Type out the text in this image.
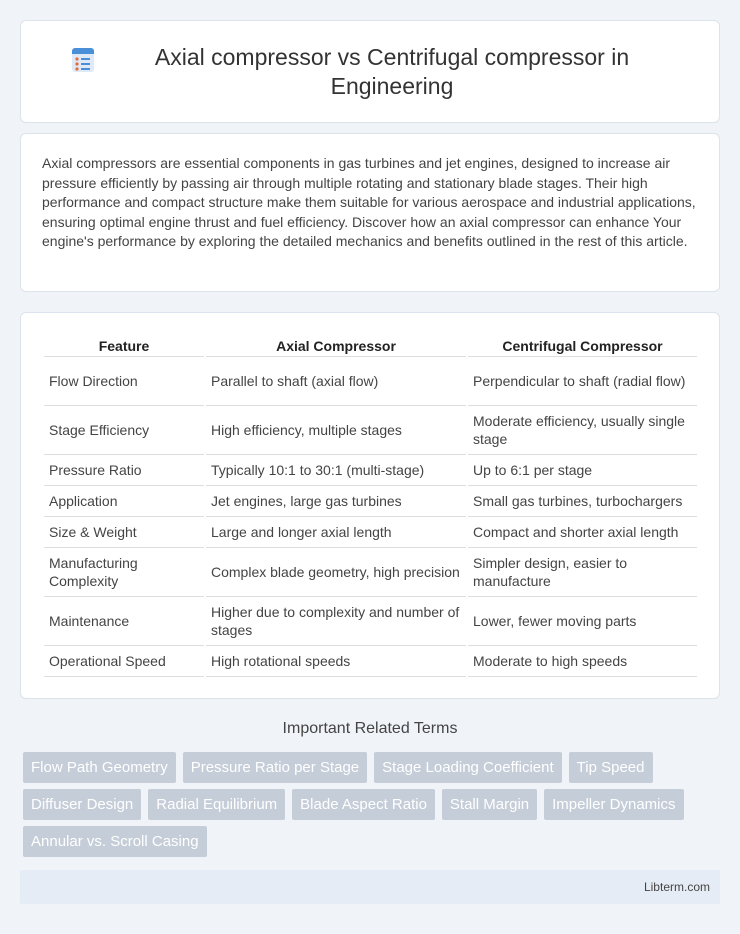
Axial compressor vs Centrifugal compressor in Engineering

Axial compressors are essential components in gas turbines and jet engines, designed to increase air pressure efficiently by passing air through multiple rotating and stationary blade stages. Their high performance and compact structure make them suitable for various aerospace and industrial applications, ensuring optimal engine thrust and fuel efficiency. Discover how an axial compressor can enhance Your engine's performance by exploring the detailed mechanics and benefits outlined in the rest of this article.

Feature	Axial Compressor	Centrifugal Compressor
Flow Direction	Parallel to shaft (axial flow)	Perpendicular to shaft (radial flow)
Stage Efficiency	High efficiency, multiple stages	Moderate efficiency, usually single stage
Pressure Ratio	Typically 10:1 to 30:1 (multi-stage)	Up to 6:1 per stage
Application	Jet engines, large gas turbines	Small gas turbines, turbochargers
Size & Weight	Large and longer axial length	Compact and shorter axial length
Manufacturing Complexity	Complex blade geometry, high precision	Simpler design, easier to manufacture
Maintenance	Higher due to complexity and number of stages	Lower, fewer moving parts
Operational Speed	High rotational speeds	Moderate to high speeds
Important Related Terms
Flow Path Geometry	Pressure Ratio per Stage	Stage Loading Coefficient	Tip Speed
Diffuser Design	Radial Equilibrium	Blade Aspect Ratio	Stall Margin	Impeller Dynamics
Annular vs. Scroll Casing
Libterm.com
